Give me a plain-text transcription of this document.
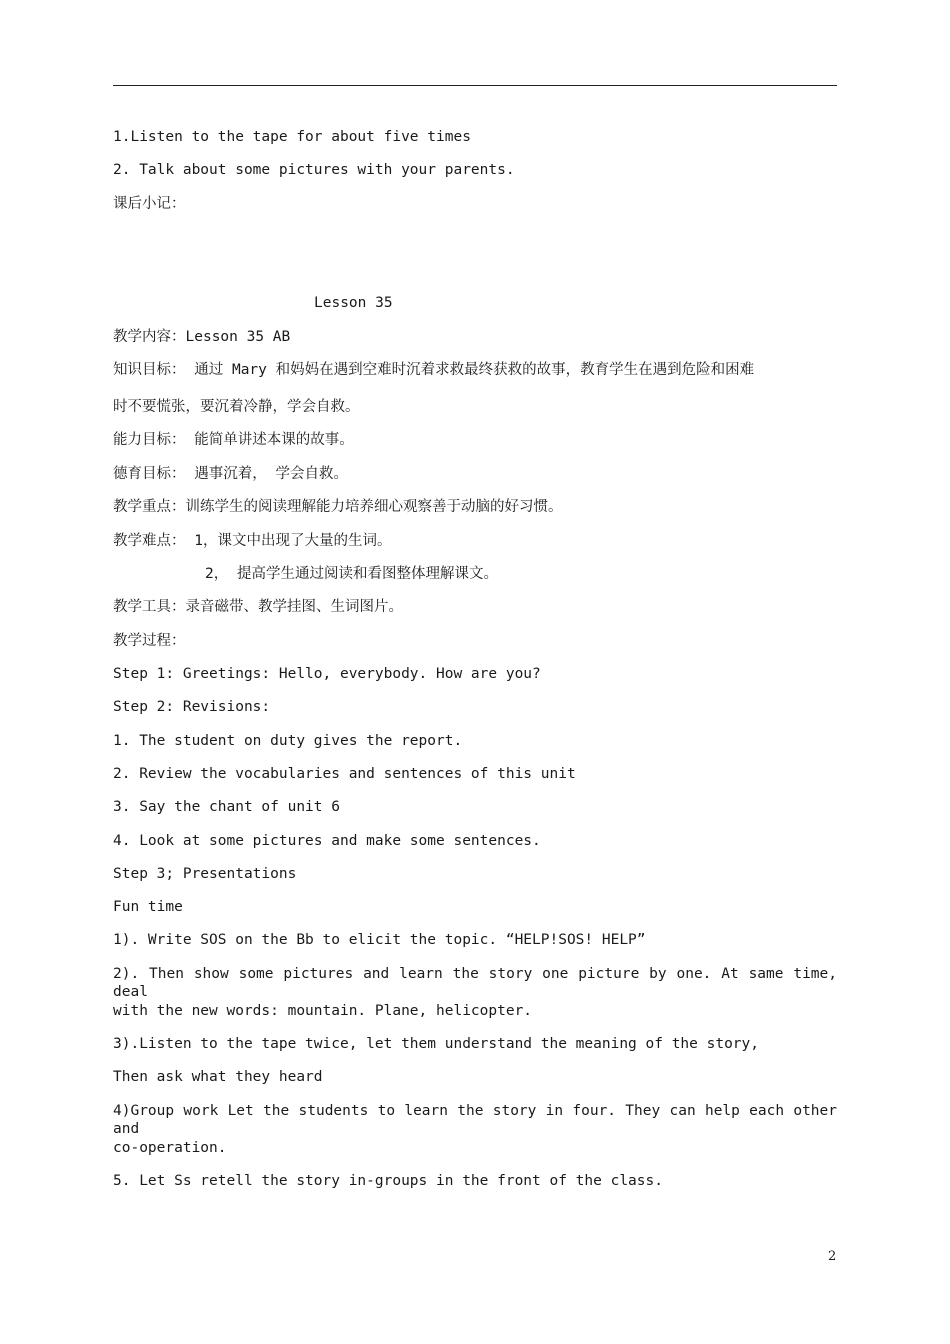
1.Listen to the tape for about five times
2. Talk about some pictures with your parents.
课后小记：
Lesson 35
教学内容：Lesson 35 AB
知识目标： 通过 Mary 和妈妈在遇到空难时沉着求救最终获救的故事，教育学生在遇到危险和困难
时不要慌张，要沉着冷静，学会自救。
能力目标： 能简单讲述本课的故事。
德育目标： 遇事沉着， 学会自救。
教学重点：训练学生的阅读理解能力培养细心观察善于动脑的好习惯。
教学难点： 1，课文中出现了大量的生词。
2， 提高学生通过阅读和看图整体理解课文。
教学工具：录音磁带、教学挂图、生词图片。
教学过程：
Step 1: Greetings: Hello, everybody. How are you?
Step 2: Revisions:
1. The student on duty gives the report.
2. Review the vocabularies and sentences of this unit
3. Say the chant of unit 6
4. Look at some pictures and make some sentences.
Step 3; Presentations
Fun time
1). Write SOS on the Bb to elicit the topic. “HELP!SOS! HELP”
2). Then show some pictures and learn the story one picture by one. At same time, deal
with the new words: mountain. Plane, helicopter.
3).Listen to the tape twice, let them understand the meaning of the story,
Then ask what they heard
4)Group work Let the students to learn the story in four. They can help each other and
co-operation.
5. Let Ss retell the story in-groups in the front of the class.
2
